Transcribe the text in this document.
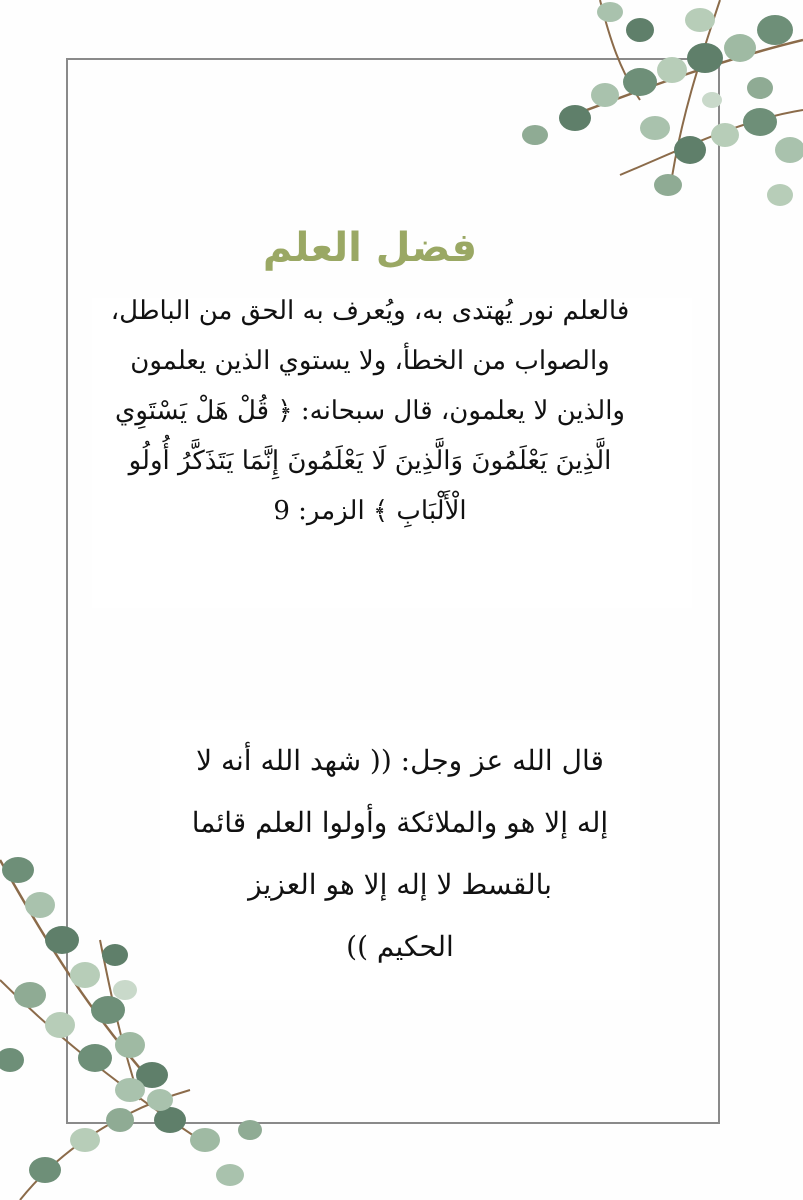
فضل العلم

فالعلم نور يُهتدى به، ويُعرف به الحق من الباطل،
والصواب من الخطأ، ولا يستوي الذين يعلمون
والذين لا يعلمون، قال سبحانه: ﴿ قُلْ هَلْ يَسْتَوِي
الَّذِينَ يَعْلَمُونَ وَالَّذِينَ لَا يَعْلَمُونَ إِنَّمَا يَتَذَكَّرُ أُولُو
الْأَلْبَابِ ﴾ الزمر: 9

قال الله عز وجل: (( شهد الله أنه لا

إله إلا هو والملائكة وأولوا العلم قائما

بالقسط لا إله إلا هو العزيز

الحكيم ))
